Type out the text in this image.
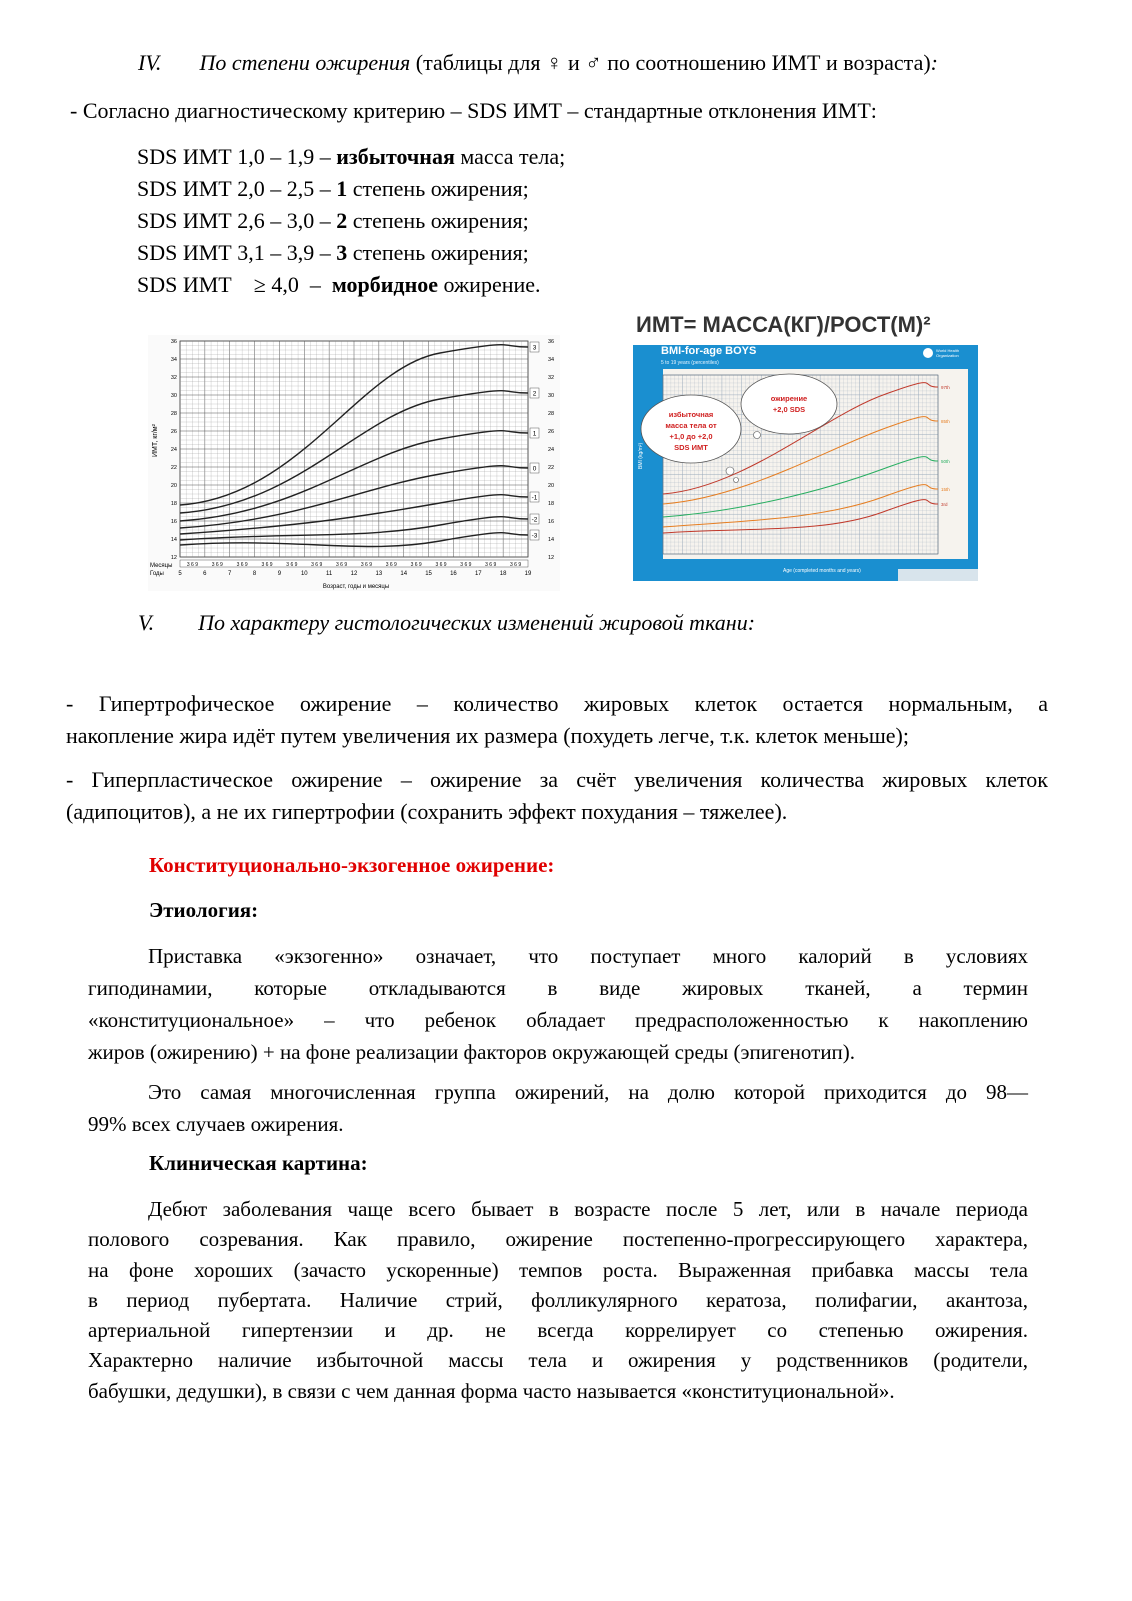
IV. По степени ожирения (таблицы для ♀ и ♂ по соотношению ИМТ и возраста):
- Согласно диагностическому критерию – SDS ИМТ – стандартные отклонения ИМТ:
SDS ИМТ 1,0 – 1,9 – избыточная масса тела;
SDS ИМТ 2,0 – 2,5 – 1 степень ожирения;
SDS ИМТ 2,6 – 3,0 – 2 степень ожирения;
SDS ИМТ 3,1 – 3,9 – 3 степень ожирения;
SDS ИМТ    ≥ 4,0  –  морбидное ожирение.
ИМТ= МАССА(КГ)/РОСТ(М)²
ИМТ, кг/м²
12
14
16
18
20
22
24
26
28
30
32
34
36
12
14
16
18
20
22
24
26
28
30
32
34
36
3
2
1
0
-1
-2
-3
Месяцы
Годы
3 6 9	3 6 9	3 6 9	3 6 9	3 6 9	3 6 9	3 6 9	3 6 9	3 6 9	3 6 9	3 6 9	3 6 9	3 6 9	3 6 9
5	6	7	8	9	10	11	12	13	14	15	16	17	18	19
Возраст, годы и месяцы
BMI-for-age BOYS
5 to 19 years (percentiles)
World Health Organization
97th
85th
50th
15th
3rd
BMI (kg/m²)
Age (completed months and years)
избыточная
масса тела от
+1,0 до +2,0
SDS ИМТ
ожирение
+2,0 SDS
V. По характеру гистологических изменений жировой ткани:
- Гипертрофическое ожирение – количество жировых клеток остается нормальным, а
накопление жира идёт путем увеличения их размера (похудеть легче, т.к. клеток меньше);
- Гиперпластическое ожирение – ожирение за счёт увеличения количества жировых клеток
(адипоцитов), а не их гипертрофии (сохранить эффект похудания – тяжелее).
Конституционально-экзогенное ожирение:
Этиология:
Приставка «экзогенно» означает, что поступает много калорий в условиях
гиподинамии, которые откладываются в виде жировых тканей, а термин
«конституциональное» – что ребенок обладает предрасположенностью к накоплению
жиров (ожирению) + на фоне реализации факторов окружающей среды (эпигенотип).
Это самая многочисленная группа ожирений, на долю которой приходится до 98—
99% всех случаев ожирения.
Клиническая картина:
Дебют заболевания чаще всего бывает в возрасте после 5 лет, или в начале периода
полового созревания. Как правило, ожирение постепенно-прогрессирующего характера,
на фоне хороших (зачасто ускоренные) темпов роста. Выраженная прибавка массы тела
в период пубертата. Наличие стрий, фолликулярного кератоза, полифагии, акантоза,
артериальной гипертензии и др. не всегда коррелирует со степенью ожирения.
Характерно наличие избыточной массы тела и ожирения у родственников (родители,
бабушки, дедушки), в связи с чем данная форма часто называется «конституциональной».
